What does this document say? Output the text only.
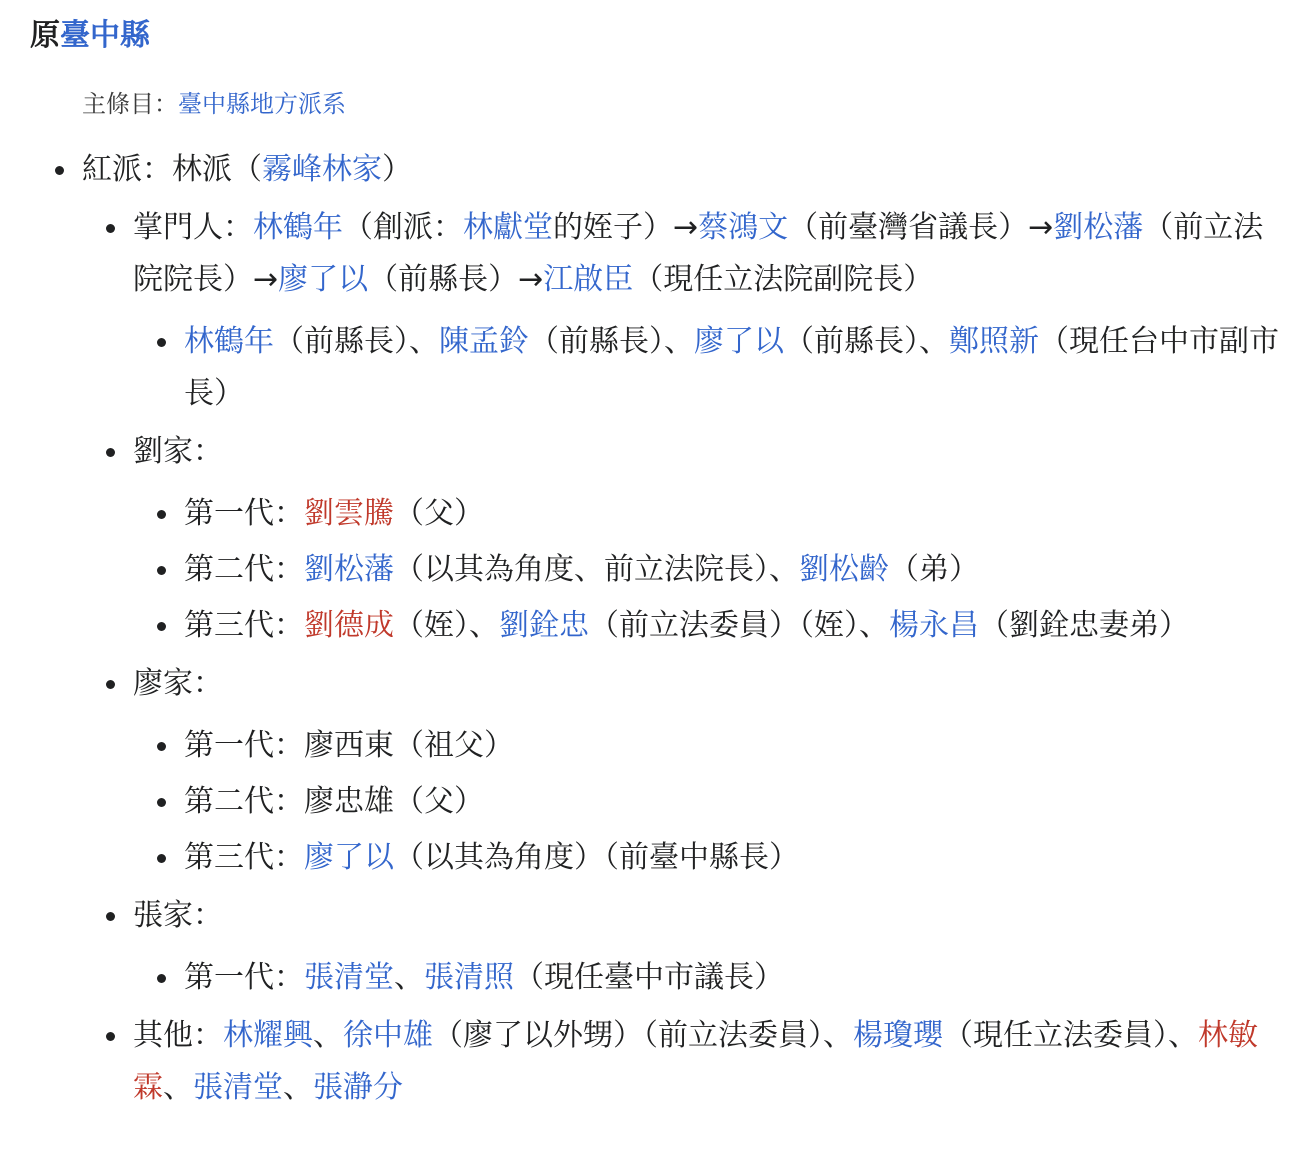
原臺中縣
主條目：臺中縣地方派系
紅派：林派（霧峰林家）
掌門人：林鶴年（創派：林獻堂的姪子）→蔡鴻文（前臺灣省議長）→劉松藩（前立法院院長）→廖了以（前縣長）→江啟臣（現任立法院副院長）
林鶴年（前縣長）、陳孟鈴（前縣長）、廖了以（前縣長）、鄭照新（現任台中市副市長）
劉家：
第一代：劉雲騰（父）
第二代：劉松藩（以其為角度、前立法院長）、劉松齡（弟）
第三代：劉德成（姪）、劉銓忠（前立法委員）（姪）、楊永昌（劉銓忠妻弟）
廖家：
第一代：廖西東（祖父）
第二代：廖忠雄（父）
第三代：廖了以（以其為角度）（前臺中縣長）
張家：
第一代：張清堂、張清照（現任臺中市議長）
其他：林耀興、徐中雄（廖了以外甥）（前立法委員）、楊瓊瓔（現任立法委員）、林敏霖、張清堂、張瀞分
